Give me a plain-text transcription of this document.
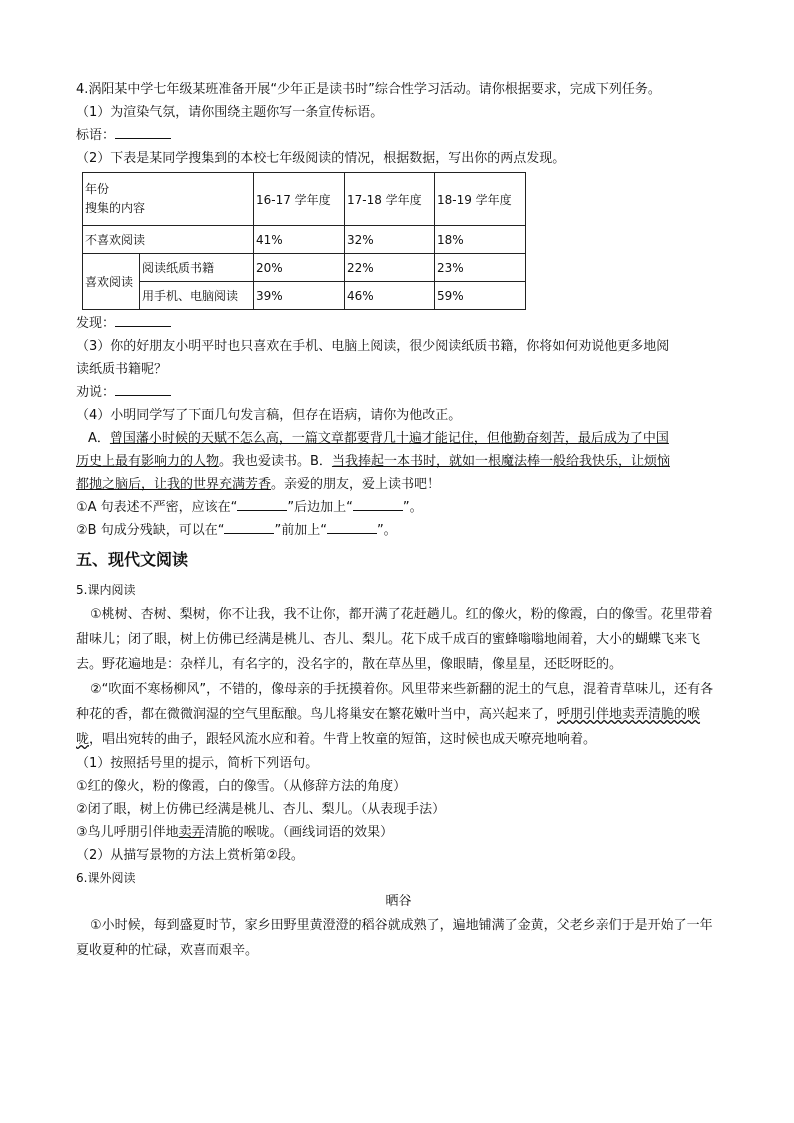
4.涡阳某中学七年级某班准备开展“少年正是读书时”综合性学习活动。请你根据要求，完成下列任务。
（1）为渲染气氛，请你围绕主题你写一条宣传标语。
标语：
（2）下表是某同学搜集到的本校七年级阅读的情况，根据数据，写出你的两点发现。
年份
搜集的内容		16-17 学年度	17-18 学年度	18-19 学年度
不喜欢阅读		41%	32%	18%
喜欢阅读	阅读纸质书籍	20%	22%	23%
	用手机、电脑阅读	39%	46%	59%
发现：
（3）你的好朋友小明平时也只喜欢在手机、电脑上阅读，很少阅读纸质书籍，你将如何劝说他更多地阅
读纸质书籍呢？
劝说：
（4）小明同学写了下面几句发言稿，但存在语病，请你为他改正。
A．曾国藩小时候的天赋不怎么高，一篇文章都要背几十遍才能记住，但他勤奋刻苦，最后成为了中国
历史上最有影响力的人物。我也爱读书。B．当我捧起一本书时，就如一根魔法棒一般给我快乐，让烦恼
都抛之脑后，让我的世界充满芳香。亲爱的朋友，爱上读书吧！
①A 句表述不严密，应该在“	”后边加上“	”。
②B 句成分残缺，可以在“	”前加上“	”。
五、现代文阅读
5.课内阅读
①桃树、杏树、梨树，你不让我，我不让你，都开满了花赶趟儿。红的像火，粉的像霞，白的像雪。花里带着甜味儿；闭了眼，树上仿佛已经满是桃儿、杏儿、梨儿。花下成千成百的蜜蜂嗡嗡地闹着，大小的蝴蝶飞来飞去。野花遍地是：杂样儿，有名字的，没名字的，散在草丛里，像眼睛，像星星，还眨呀眨的。
②“吹面不寒杨柳风”，不错的，像母亲的手抚摸着你。风里带来些新翻的泥土的气息，混着青草味儿，还有各种花的香，都在微微润湿的空气里酝酿。鸟儿将巢安在繁花嫩叶当中，高兴起来了，呼朋引伴地卖弄清脆的喉咙，唱出宛转的曲子，跟轻风流水应和着。牛背上牧童的短笛，这时候也成天嘹亮地响着。
（1）按照括号里的提示，简析下列语句。
①红的像火，粉的像霞，白的像雪。（从修辞方法的角度）
②闭了眼，树上仿佛已经满是桃儿、杏儿、梨儿。（从表现手法）
③鸟儿呼朋引伴地卖弄清脆的喉咙。（画线词语的效果）
（2）从描写景物的方法上赏析第②段。
6.课外阅读
晒谷
①小时候，每到盛夏时节，家乡田野里黄澄澄的稻谷就成熟了，遍地铺满了金黄，父老乡亲们于是开始了一年夏收夏种的忙碌，欢喜而艰辛。
